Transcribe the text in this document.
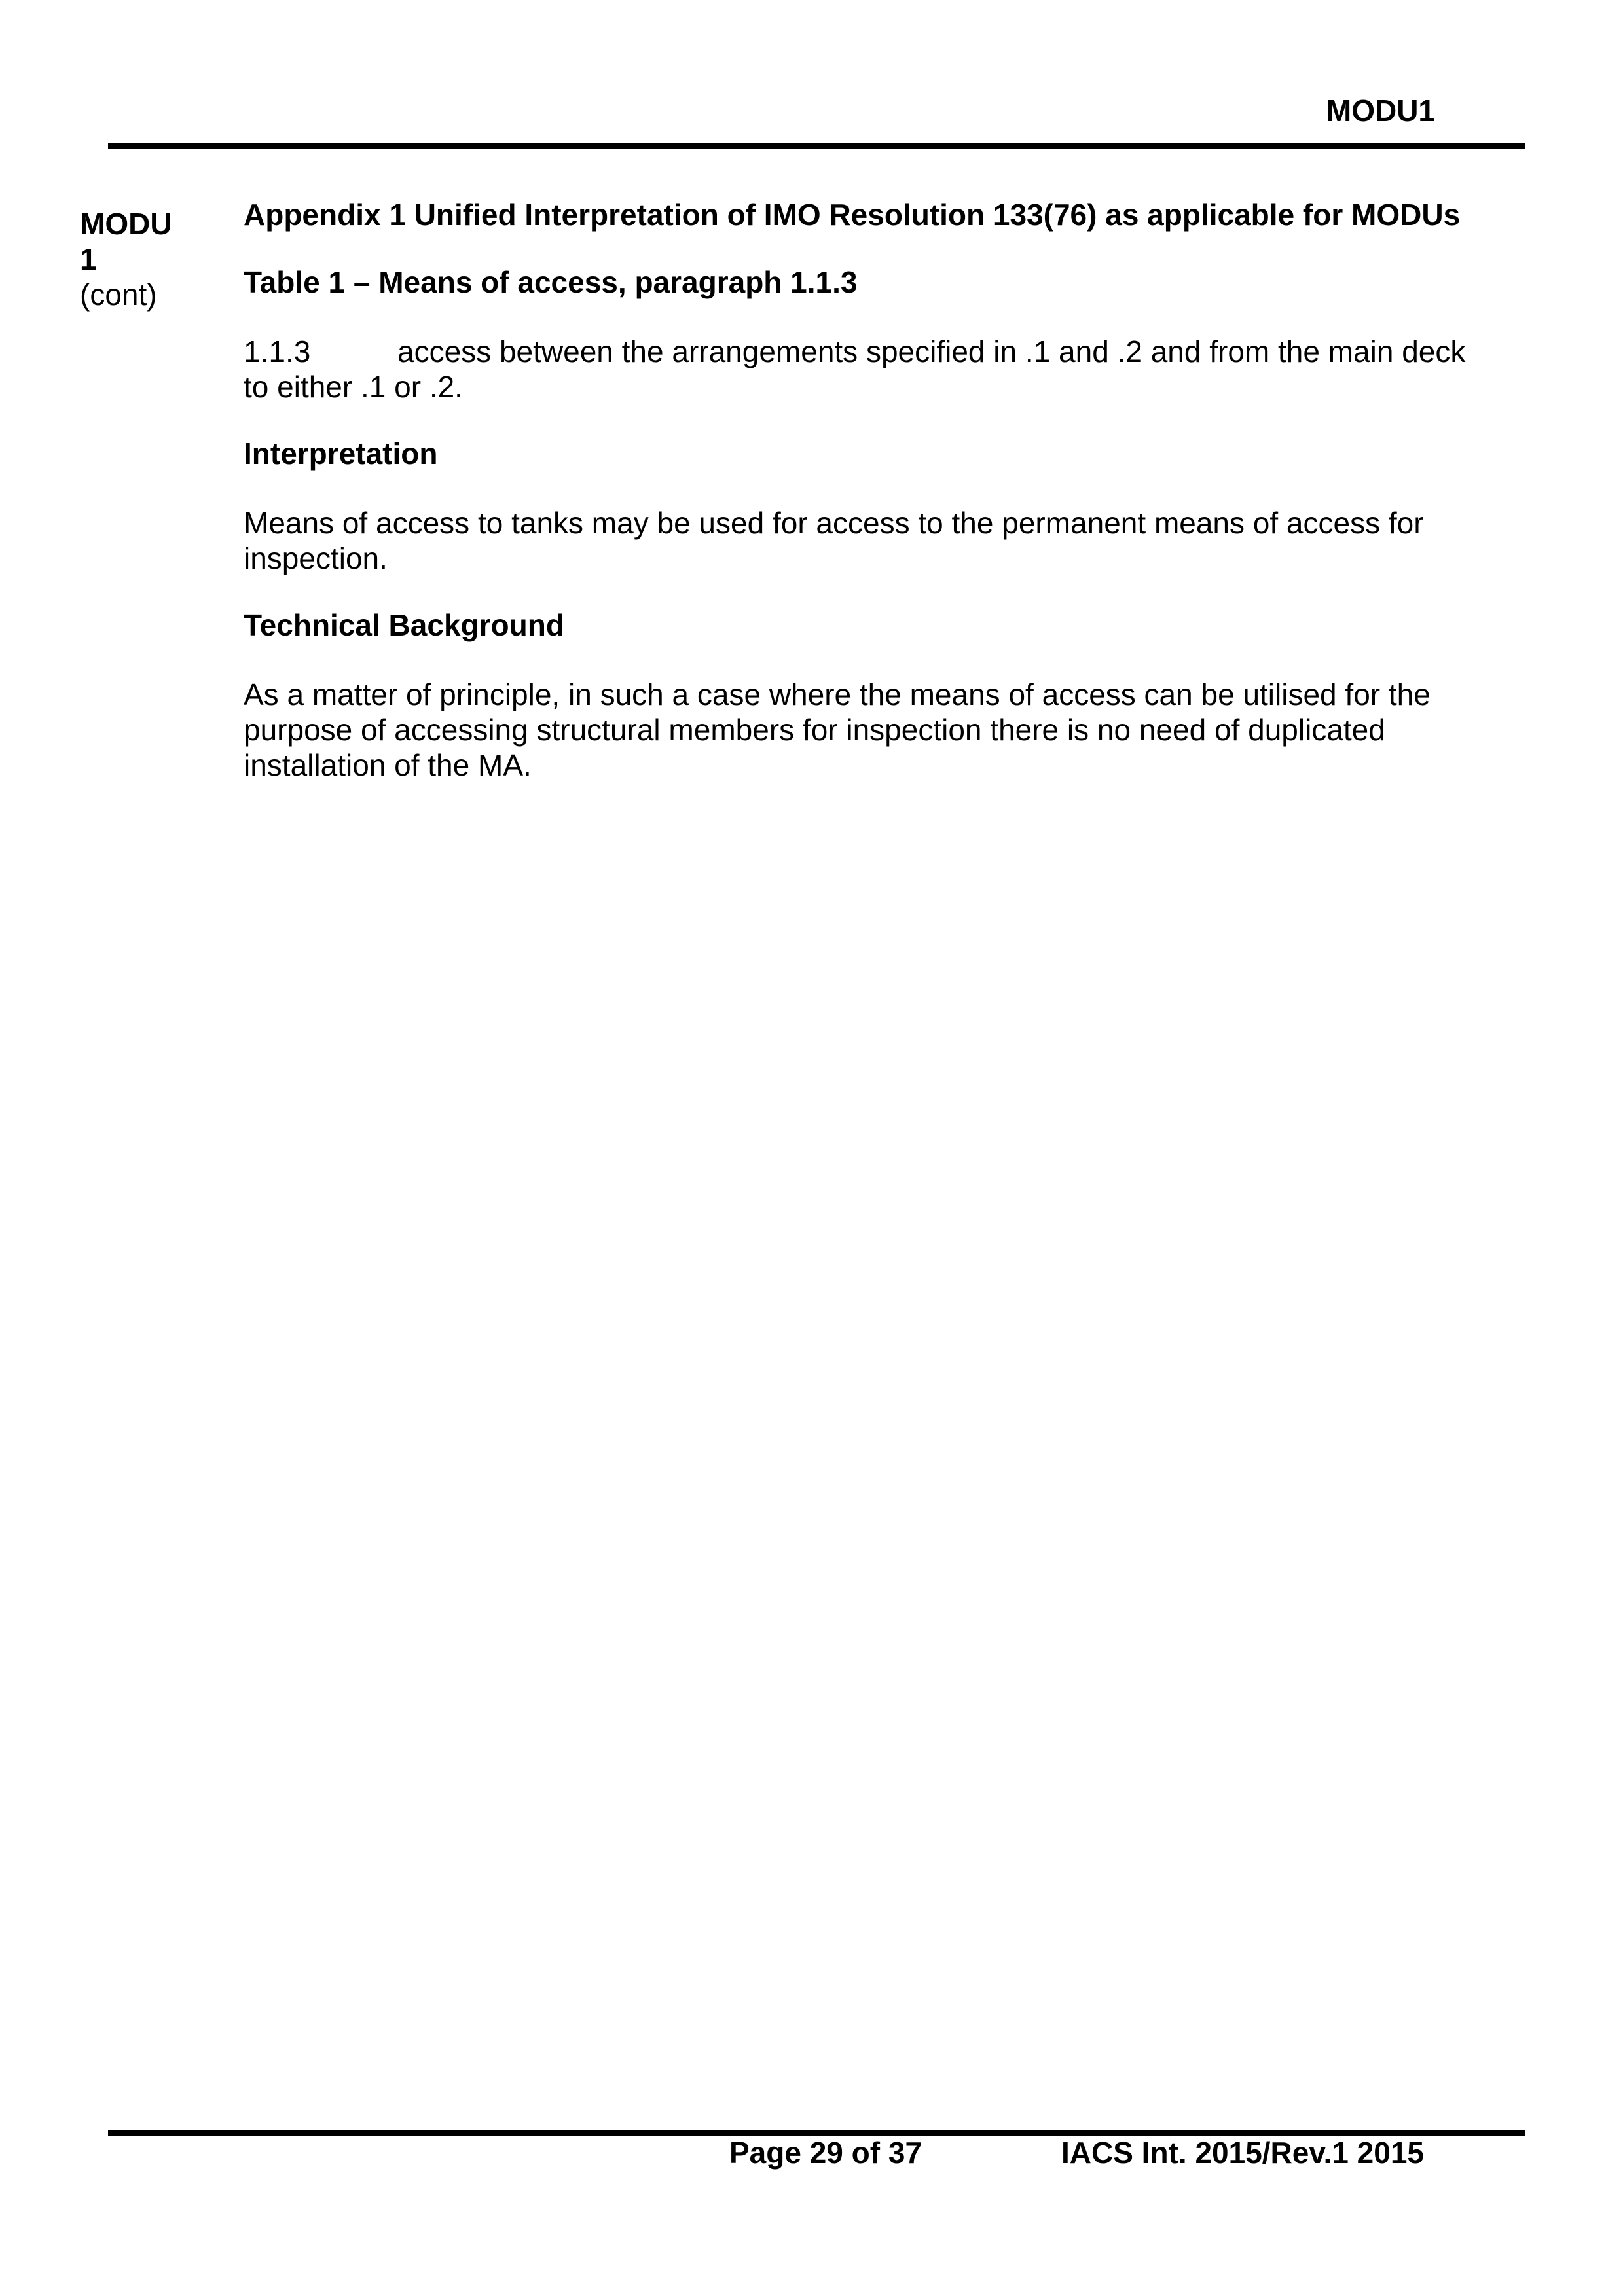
MODU1
MODU
1
(cont)
Appendix 1 Unified Interpretation of IMO Resolution 133(76) as applicable for MODUs
Table 1 – Means of access, paragraph 1.1.3
1.1.3	access between the arrangements specified in .1 and .2 and from the main deck
to either .1 or .2.
Interpretation
Means of access to tanks may be used for access to the permanent means of access for
inspection.
Technical Background
As a matter of principle, in such a case where the means of access can be utilised for the
purpose of accessing structural members for inspection there is no need of duplicated
installation of the MA.
Page 29 of 37	IACS Int. 2015/Rev.1 2015
